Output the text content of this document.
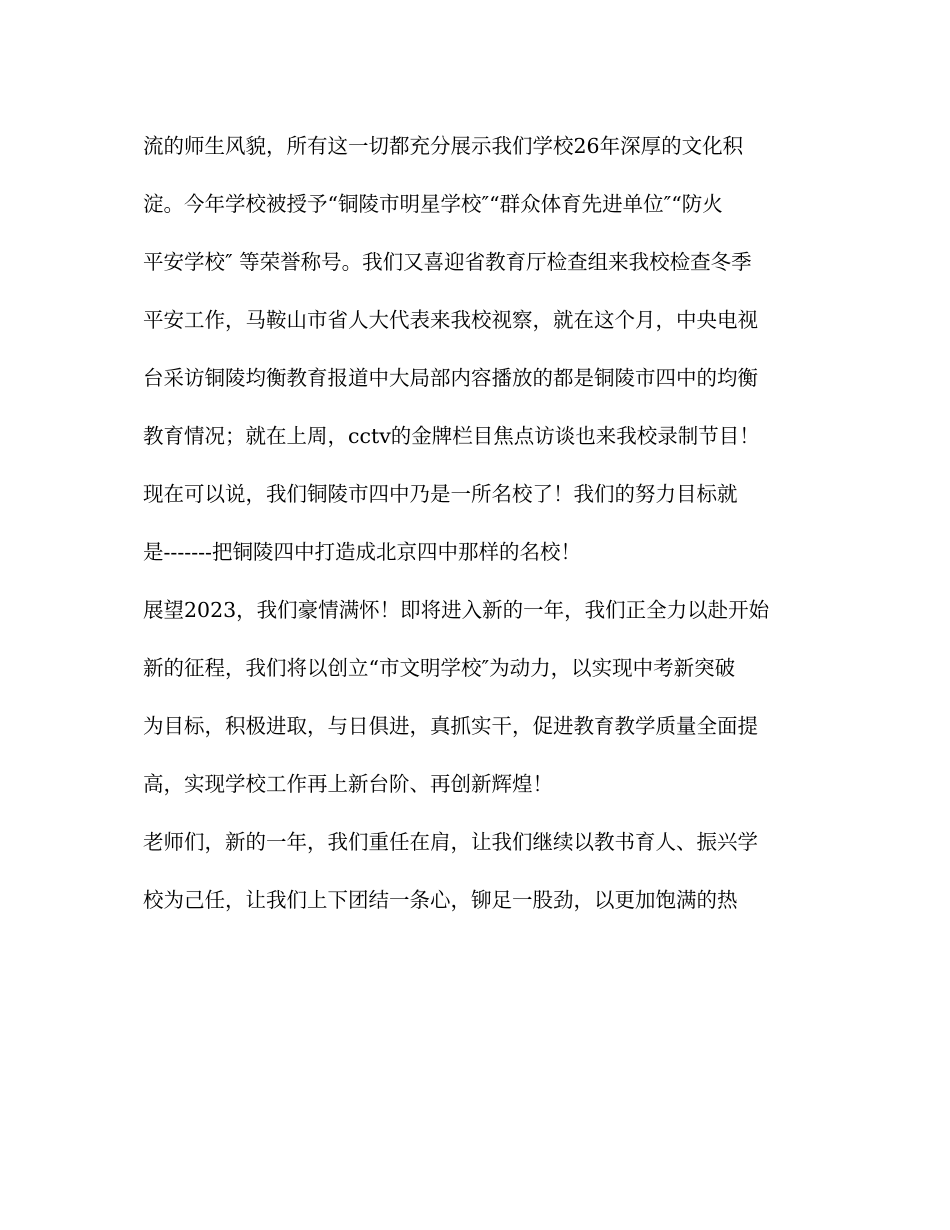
流的师生风貌，所有这一切都充分展示我们学校26年深厚的文化积
淀。今年学校被授予“铜陵市明星学校″“群众体育先进单位″“防火
平安学校″ 等荣誉称号。我们又喜迎省教育厅检查组来我校检查冬季
平安工作，马鞍山市省人大代表来我校视察，就在这个月，中央电视
台采访铜陵均衡教育报道中大局部内容播放的都是铜陵市四中的均衡
教育情况；就在上周，cctv的金牌栏目焦点访谈也来我校录制节目！
现在可以说，我们铜陵市四中乃是一所名校了！我们的努力目标就
是-------把铜陵四中打造成北京四中那样的名校！
展望2023，我们豪情满怀！即将进入新的一年，我们正全力以赴开始
新的征程，我们将以创立“市文明学校″为动力，以实现中考新突破
为目标，积极进取，与日俱进，真抓实干，促进教育教学质量全面提
高，实现学校工作再上新台阶、再创新辉煌！
老师们，新的一年，我们重任在肩，让我们继续以教书育人、振兴学
校为己任，让我们上下团结一条心，铆足一股劲，以更加饱满的热
